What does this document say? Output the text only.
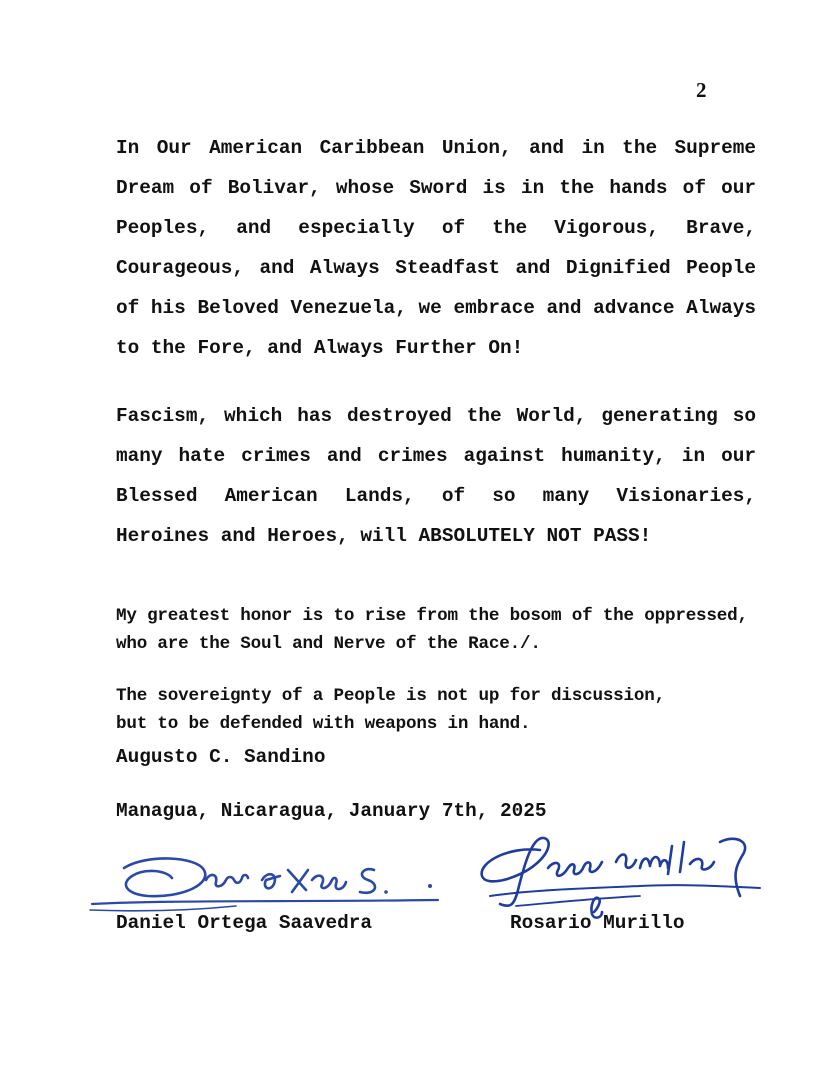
2

In Our American Caribbean Union, and in the Supreme Dream of Bolivar, whose Sword is in the hands of our Peoples, and especially of the Vigorous, Brave, Courageous, and Always Steadfast and Dignified People of his Beloved Venezuela, we embrace and advance Always to the Fore, and Always Further On!

Fascism, which has destroyed the World, generating so many hate crimes and crimes against humanity, in our Blessed American Lands, of so many Visionaries, Heroines and Heroes, will ABSOLUTELY NOT PASS!

My greatest honor is to rise from the bosom of the oppressed,
who are the Soul and Nerve of the Race./.
The sovereignty of a People is not up for discussion,
but to be defended with weapons in hand.
Augusto C. Sandino
Managua, Nicaragua, January 7th, 2025
Daniel Ortega Saavedra	Rosario Murillo
